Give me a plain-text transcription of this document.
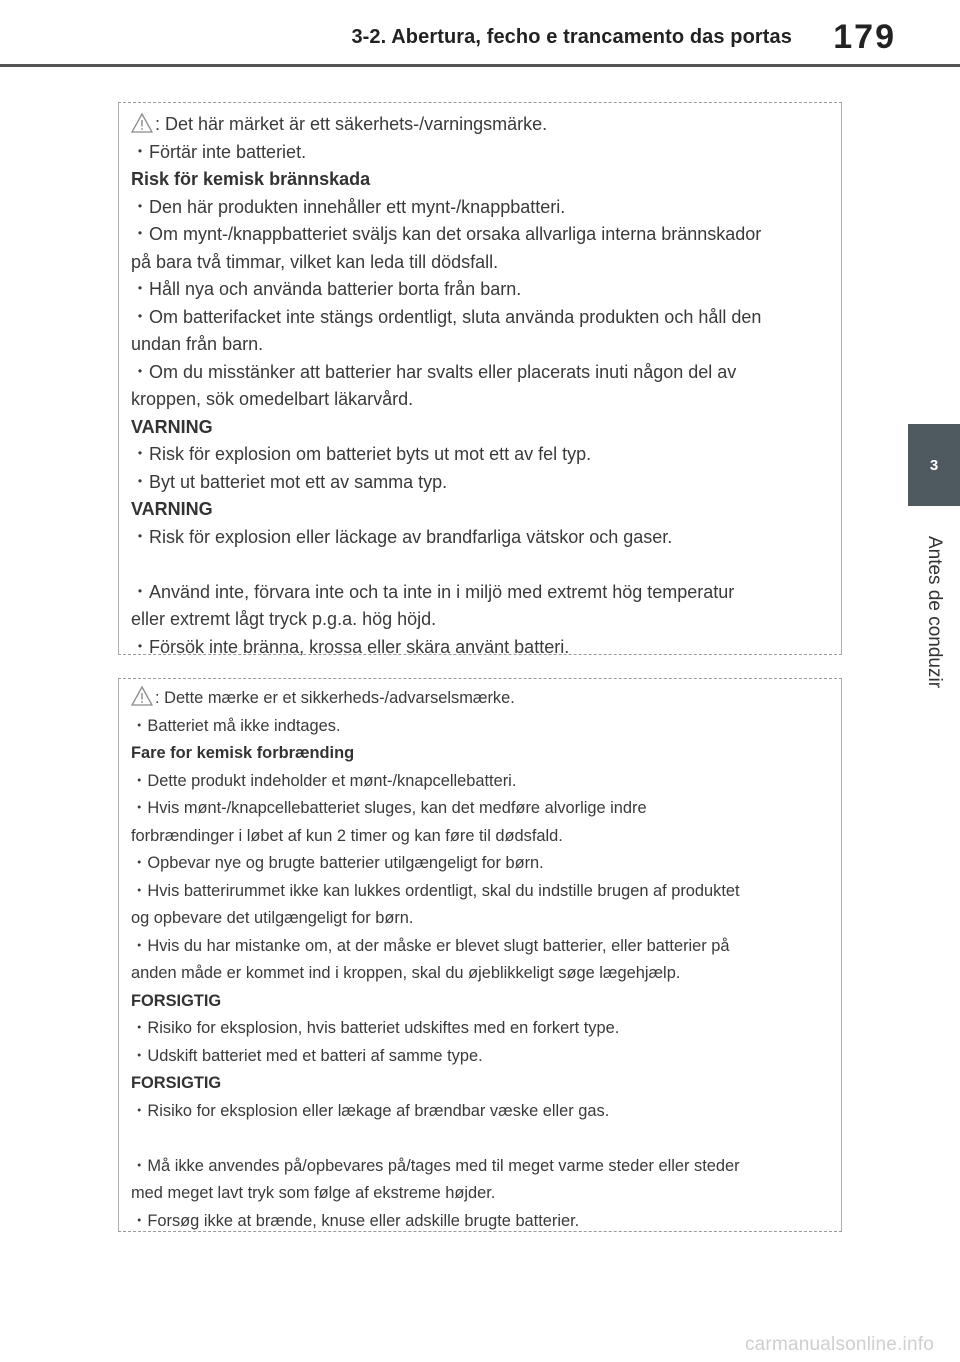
3-2. Abertura, fecho e trancamento das portas 179
3
Antes de conduzir
: Det här märket är ett säkerhets-/varningsmärke.
・Förtär inte batteriet.
Risk för kemisk brännskada
・Den här produkten innehåller ett mynt-/knappbatteri.
・Om mynt-/knappbatteriet sväljs kan det orsaka allvarliga interna brännskador
på bara två timmar, vilket kan leda till dödsfall.
・Håll nya och använda batterier borta från barn.
・Om batterifacket inte stängs ordentligt, sluta använda produkten och håll den
undan från barn.
・Om du misstänker att batterier har svalts eller placerats inuti någon del av
kroppen, sök omedelbart läkarvård.
VARNING
・Risk för explosion om batteriet byts ut mot ett av fel typ.
・Byt ut batteriet mot ett av samma typ.
VARNING
・Risk för explosion eller läckage av brandfarliga vätskor och gaser.
・Använd inte, förvara inte och ta inte in i miljö med extremt hög temperatur
eller extremt lågt tryck p.g.a. hög höjd.
・Försök inte bränna, krossa eller skära använt batteri.
: Dette mærke er et sikkerheds-/advarselsmærke.
・Batteriet må ikke indtages.
Fare for kemisk forbrænding
・Dette produkt indeholder et mønt-/knapcellebatteri.
・Hvis mønt-/knapcellebatteriet sluges, kan det medføre alvorlige indre
forbrændinger i løbet af kun 2 timer og kan føre til dødsfald.
・Opbevar nye og brugte batterier utilgængeligt for børn.
・Hvis batterirummet ikke kan lukkes ordentligt, skal du indstille brugen af produktet
og opbevare det utilgængeligt for børn.
・Hvis du har mistanke om, at der måske er blevet slugt batterier, eller batterier på
anden måde er kommet ind i kroppen, skal du øjeblikkeligt søge lægehjælp.
FORSIGTIG
・Risiko for eksplosion, hvis batteriet udskiftes med en forkert type.
・Udskift batteriet med et batteri af samme type.
FORSIGTIG
・Risiko for eksplosion eller lækage af brændbar væske eller gas.
・Må ikke anvendes på/opbevares på/tages med til meget varme steder eller steder
med meget lavt tryk som følge af ekstreme højder.
・Forsøg ikke at brænde, knuse eller adskille brugte batterier.
carmanualsonline.info
